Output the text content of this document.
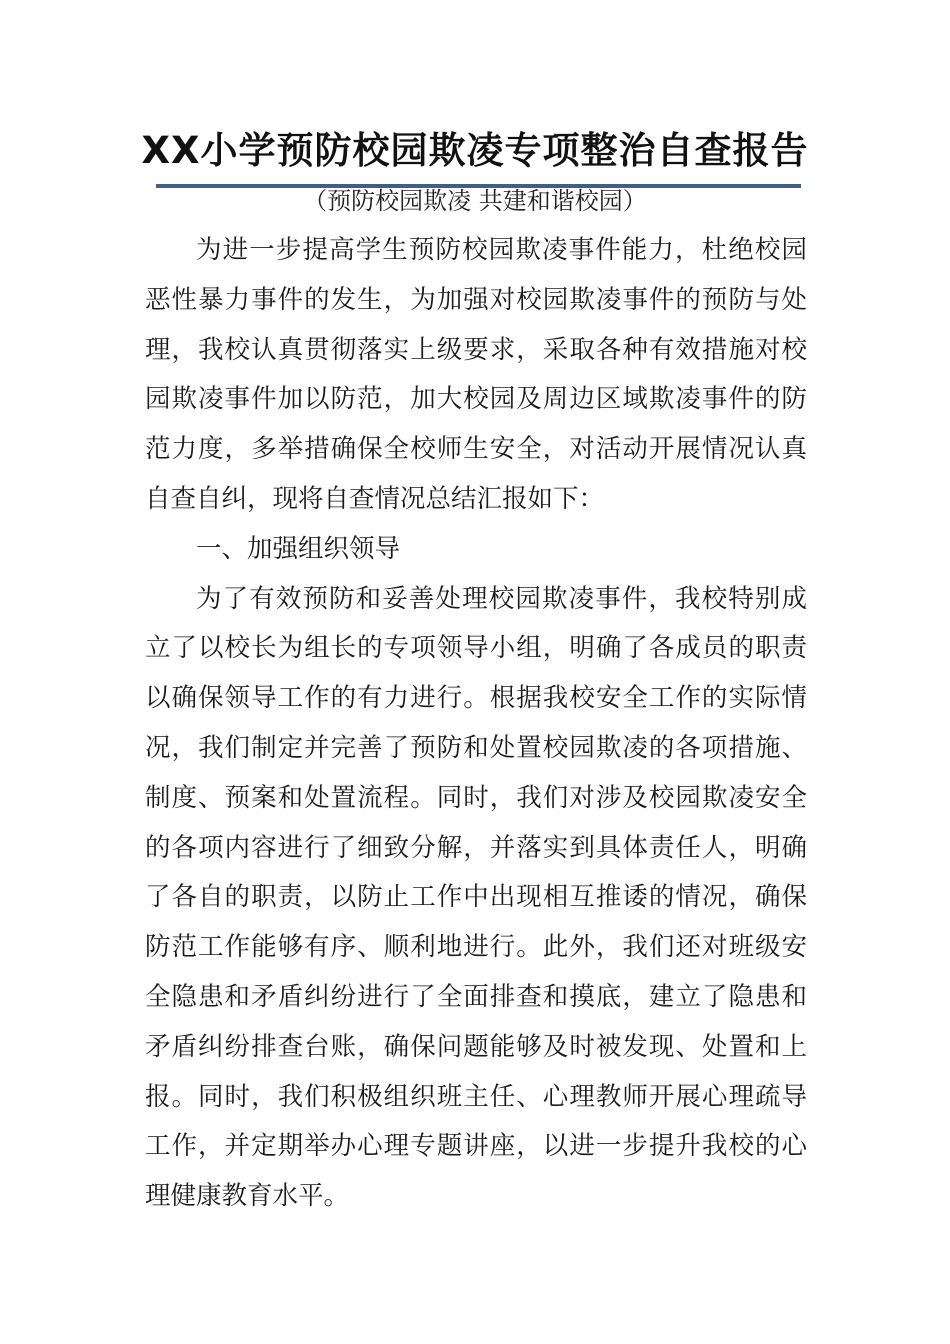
XX小学预防校园欺凌专项整治自查报告
（预防校园欺凌 共建和谐校园）

为进一步提高学生预防校园欺凌事件能力，杜绝校园恶性暴力事件的发生，为加强对校园欺凌事件的预防与处理，我校认真贯彻落实上级要求，采取各种有效措施对校园欺凌事件加以防范，加大校园及周边区域欺凌事件的防范力度，多举措确保全校师生安全，对活动开展情况认真自查自纠，现将自查情况总结汇报如下：

一、加强组织领导

为了有效预防和妥善处理校园欺凌事件，我校特别成立了以校长为组长的专项领导小组，明确了各成员的职责以确保领导工作的有力进行。根据我校安全工作的实际情况，我们制定并完善了预防和处置校园欺凌的各项措施、制度、预案和处置流程。同时，我们对涉及校园欺凌安全的各项内容进行了细致分解，并落实到具体责任人，明确了各自的职责，以防止工作中出现相互推诿的情况，确保防范工作能够有序、顺利地进行。此外，我们还对班级安全隐患和矛盾纠纷进行了全面排查和摸底，建立了隐患和矛盾纠纷排查台账，确保问题能够及时被发现、处置和上报。同时，我们积极组织班主任、心理教师开展心理疏导工作，并定期举办心理专题讲座，以进一步提升我校的心理健康教育水平。
